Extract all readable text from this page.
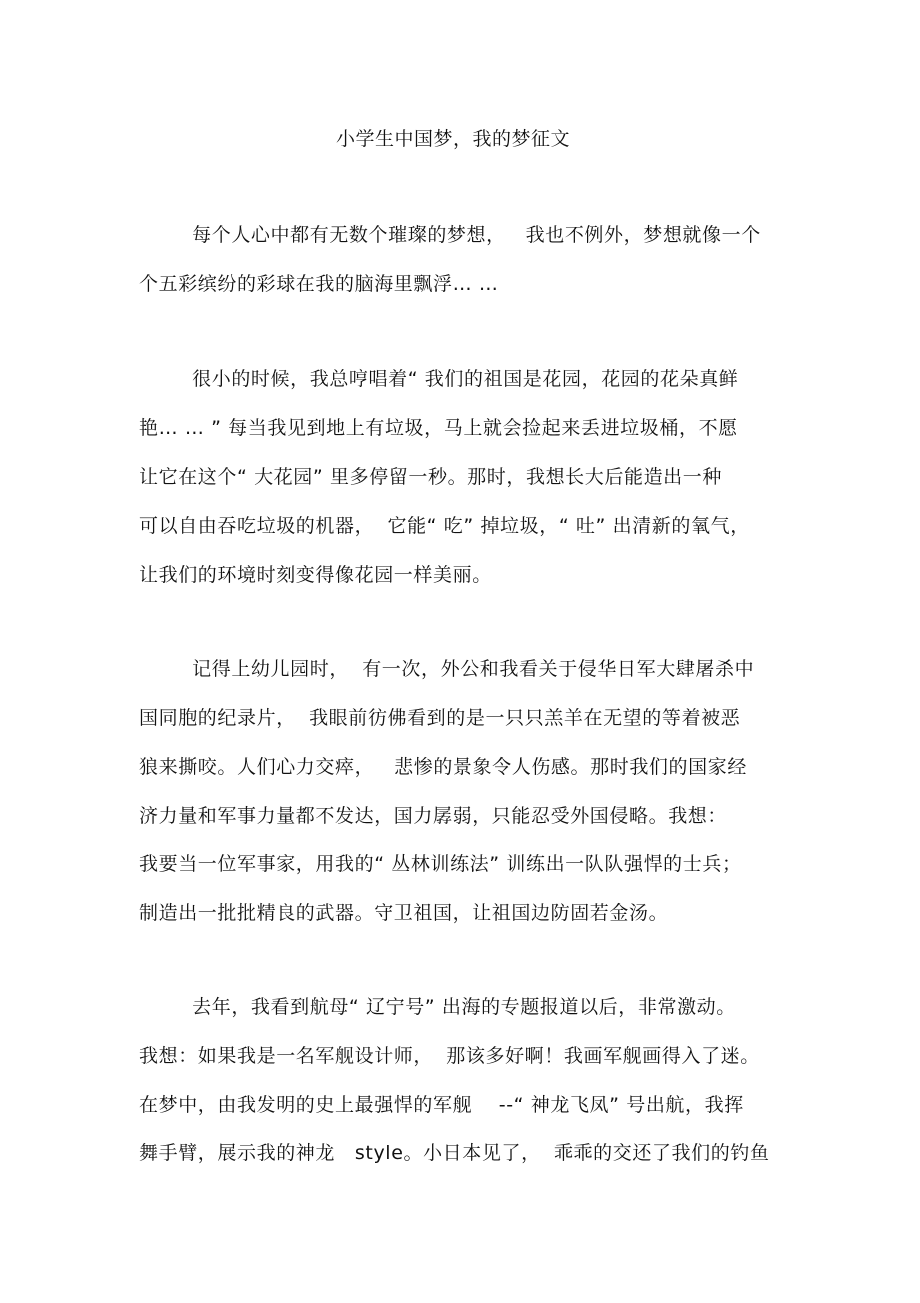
小学生中国梦，我的梦征文
每个人心中都有无数个璀璨的梦想，   我也不例外，梦想就像一个
个五彩缤纷的彩球在我的脑海里飘浮… …
很小的时候，我总哼唱着“ 我们的祖国是花园，花园的花朵真鲜
艳… … ” 每当我见到地上有垃圾，马上就会捡起来丢进垃圾桶，不愿
让它在这个“ 大花园” 里多停留一秒。那时，我想长大后能造出一种
可以自由吞吃垃圾的机器，  它能“ 吃” 掉垃圾，“ 吐” 出清新的氧气，
让我们的环境时刻变得像花园一样美丽。
记得上幼儿园时，  有一次，外公和我看关于侵华日军大肆屠杀中
国同胞的纪录片，  我眼前彷佛看到的是一只只羔羊在无望的等着被恶
狼来撕咬。人们心力交瘁，   悲惨的景象令人伤感。那时我们的国家经
济力量和军事力量都不发达，国力孱弱，只能忍受外国侵略。我想：
我要当一位军事家，用我的“ 丛林训练法” 训练出一队队强悍的士兵；
制造出一批批精良的武器。守卫祖国，让祖国边防固若金汤。
去年，我看到航母“ 辽宁号” 出海的专题报道以后，非常激动。
我想：如果我是一名军舰设计师，  那该多好啊！我画军舰画得入了迷。
在梦中，由我发明的史上最强悍的军舰    --“ 神龙飞凤” 号出航，我挥
舞手臂，展示我的神龙   style。小日本见了，  乖乖的交还了我们的钓鱼
